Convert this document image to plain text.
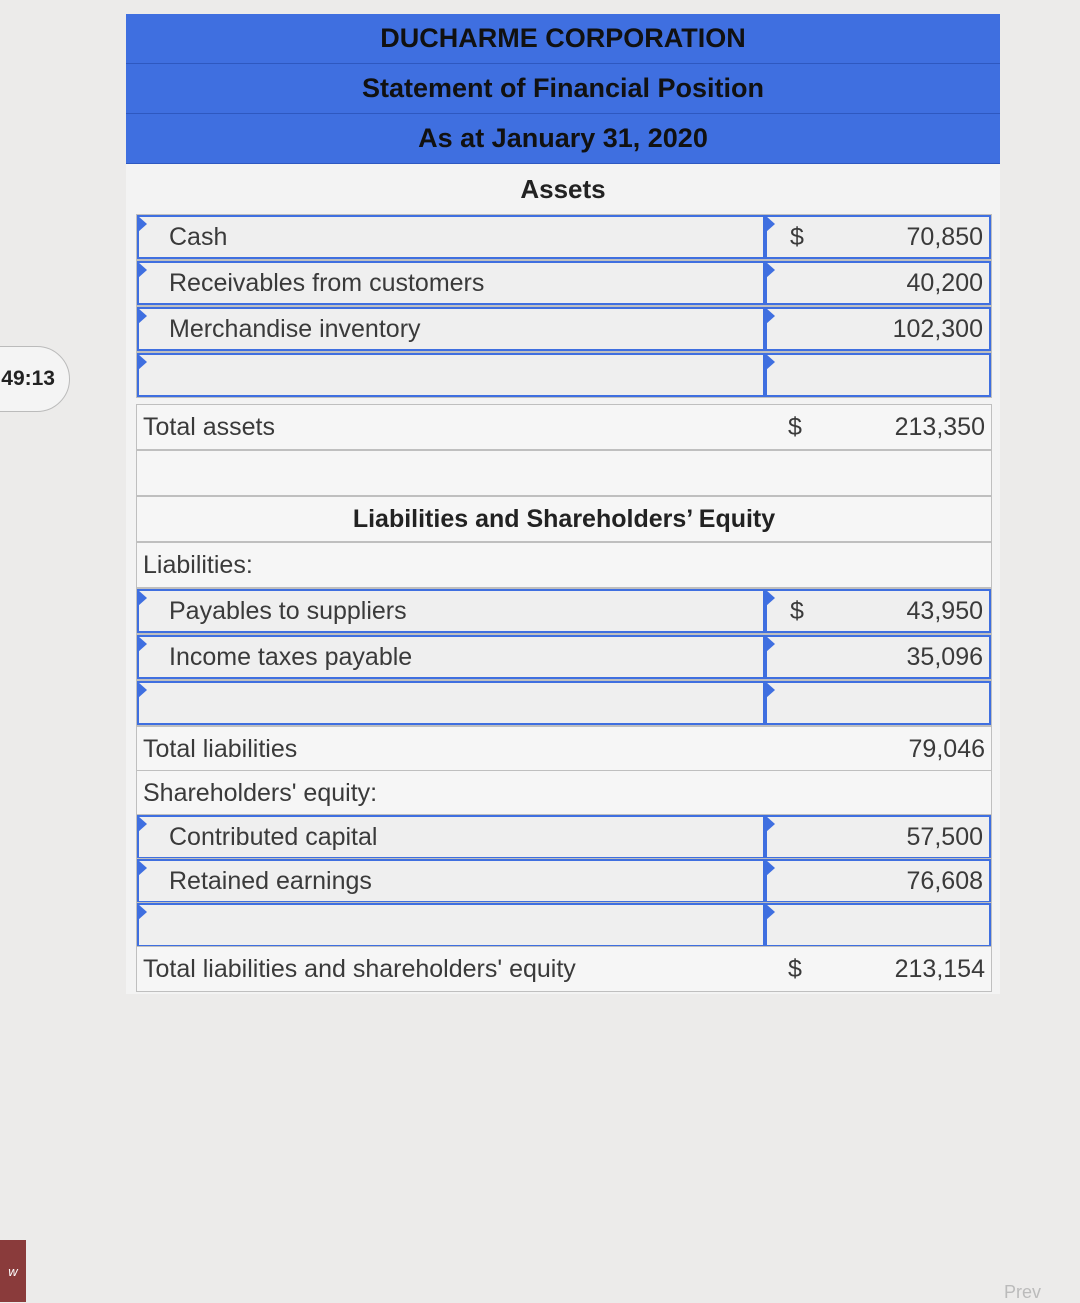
49:13
w
Prev
DUCHARME CORPORATION
Statement of Financial Position
As at January 31, 2020
Assets
Cash	$	70,850
Receivables from customers	40,200
Merchandise inventory	102,300
Total assets	$	213,350
Liabilities and Shareholders’ Equity
Liabilities:
Payables to suppliers	$	43,950
Income taxes payable	35,096
Total liabilities	79,046
Shareholders' equity:
Contributed capital	57,500
Retained earnings	76,608
Total liabilities and shareholders' equity	$	213,154
